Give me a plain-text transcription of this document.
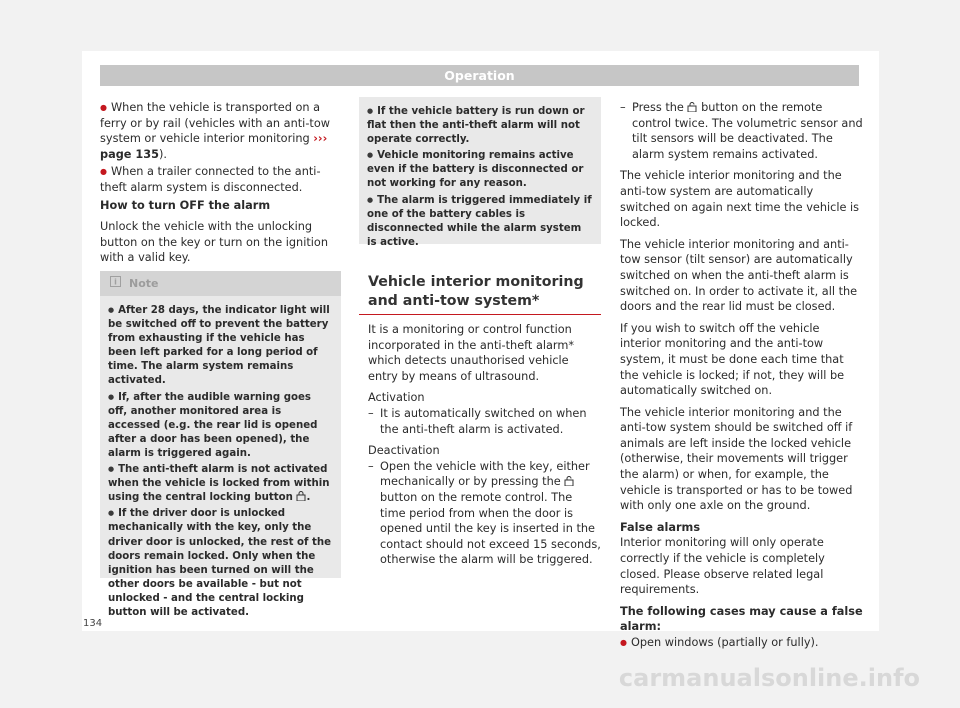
Operation

● When the vehicle is transported on a ferry or by rail (vehicles with an anti-tow system or vehicle interior monitoring ››› page 135).

● When a trailer connected to the anti-theft alarm system is disconnected.

How to turn OFF the alarm

Unlock the vehicle with the unlocking button on the key or turn on the ignition with a valid key.

i Note

● After 28 days, the indicator light will be switched off to prevent the battery from exhausting if the vehicle has been left parked for a long period of time. The alarm system remains activated.

● If, after the audible warning goes off, another monitored area is accessed (e.g. the rear lid is opened after a door has been opened), the alarm is triggered again.

● The anti-theft alarm is not activated when the vehicle is locked from within using the central locking button .

● If the driver door is unlocked mechanically with the key, only the driver door is unlocked, the rest of the doors remain locked. Only when the ignition has been turned on will the other doors be available - but not unlocked - and the central locking button will be activated.

● If the vehicle battery is run down or flat then the anti-theft alarm will not operate correctly.

● Vehicle monitoring remains active even if the battery is disconnected or not working for any reason.

● The alarm is triggered immediately if one of the battery cables is disconnected while the alarm system is active.

Vehicle interior monitoring and anti-tow system*

It is a monitoring or control function incorporated in the anti-theft alarm* which detects unauthorised vehicle entry by means of ultrasound.

Activation

– It is automatically switched on when the anti-theft alarm is activated.

Deactivation

– Open the vehicle with the key, either mechanically or by pressing the  button on the remote control. The time period from when the door is opened until the key is inserted in the contact should not exceed 15 seconds, otherwise the alarm will be triggered.

– Press the button on the remote control twice. The volumetric sensor and tilt sensors will be deactivated. The alarm system remains activated.

The vehicle interior monitoring and the anti-tow system are automatically switched on again next time the vehicle is locked.

The vehicle interior monitoring and anti-tow sensor (tilt sensor) are automatically switched on when the anti-theft alarm is switched on. In order to activate it, all the doors and the rear lid must be closed.

If you wish to switch off the vehicle interior monitoring and the anti-tow system, it must be done each time that the vehicle is locked; if not, they will be automatically switched on.

The vehicle interior monitoring and the anti-tow system should be switched off if animals are left inside the locked vehicle (otherwise, their movements will trigger the alarm) or when, for example, the vehicle is transported or has to be towed with only one axle on the ground.

False alarms

Interior monitoring will only operate correctly if the vehicle is completely closed. Please observe related legal requirements.

The following cases may cause a false alarm:

● Open windows (partially or fully).

134
carmanualsonline.info
